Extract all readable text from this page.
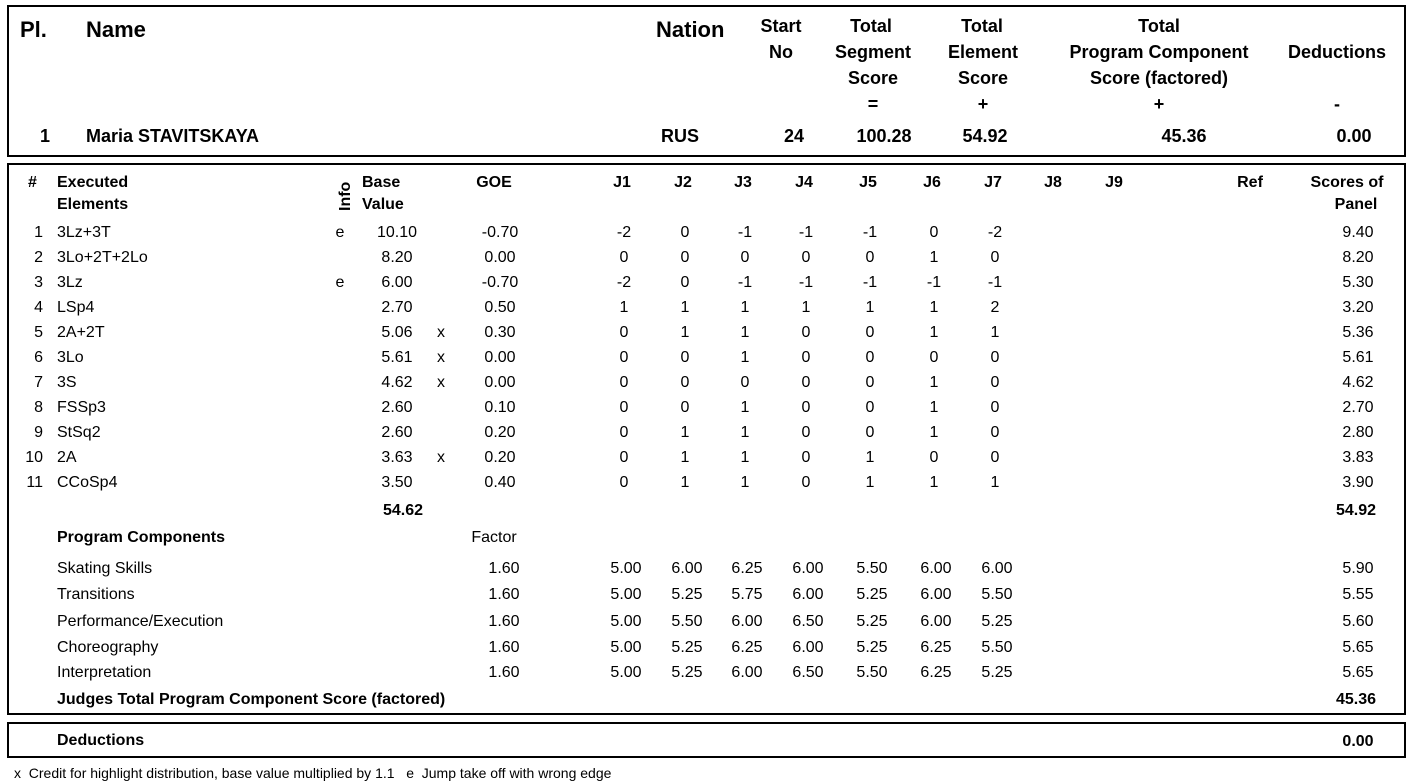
Pl. Name	Nation Start
No
Total
Segment
Score
=
Total
Element
Score
+
Total
Program Component
Score (factored)
+
Deductions
-
1 Maria STAVITSKAYA	RUS	24	100.28	54.92	45.36	0.00
# Executed
Elements	Info Base
Value
GOE	J1	J2	J3	J4	J5	J6	J7	J8	J9	Ref	Scores of
Panel
1 3Lz+3T	e 10.10	-0.70	-2	0	-1	-1	-1	0	-2	9.40
2 3Lo+2T+2Lo	8.20	0.00	0	0	0	0	0	1	0	8.20
3 3Lz	e 6.00	-0.70	-2	0	-1	-1	-1	-1	-1	5.30
4 LSp4	2.70	0.50	1	1	1	1	1	1	2	3.20
5 2A+2T	5.06 x 0.30	0	1	1	0	0	1	1	5.36
6 3Lo	5.61 x 0.00	0	0	1	0	0	0	0	5.61
7 3S	4.62 x 0.00	0	0	0	0	0	1	0	4.62
8 FSSp3	2.60	0.10	0	0	1	0	0	1	0	2.70
9 StSq2	2.60	0.20	0	1	1	0	0	1	0	2.80
10 2A	3.63 x 0.20	0	1	1	0	1	0	0	3.83
11 CCoSp4	3.50	0.40	0	1	1	0	1	1	1	3.90
54.62	54.92
Program Components	Factor
Skating Skills	1.60	5.00 6.00 6.25 6.00 5.50 6.00 6.00	5.90
Transitions	1.60	5.00 5.25 5.75 6.00 5.25 6.00 5.50	5.55
Performance/Execution	1.60	5.00 5.50 6.00 6.50 5.25 6.00 5.25	5.60
Choreography	1.60	5.00 5.25 6.25 6.00 5.25 6.25 5.50	5.65
Interpretation	1.60	5.00 5.25 6.00 6.50 5.50 6.25 5.25	5.65
Judges Total Program Component Score (factored)	45.36
Deductions	0.00
x  Credit for highlight distribution, base value multiplied by 1.1   e  Jump take off with wrong edge
